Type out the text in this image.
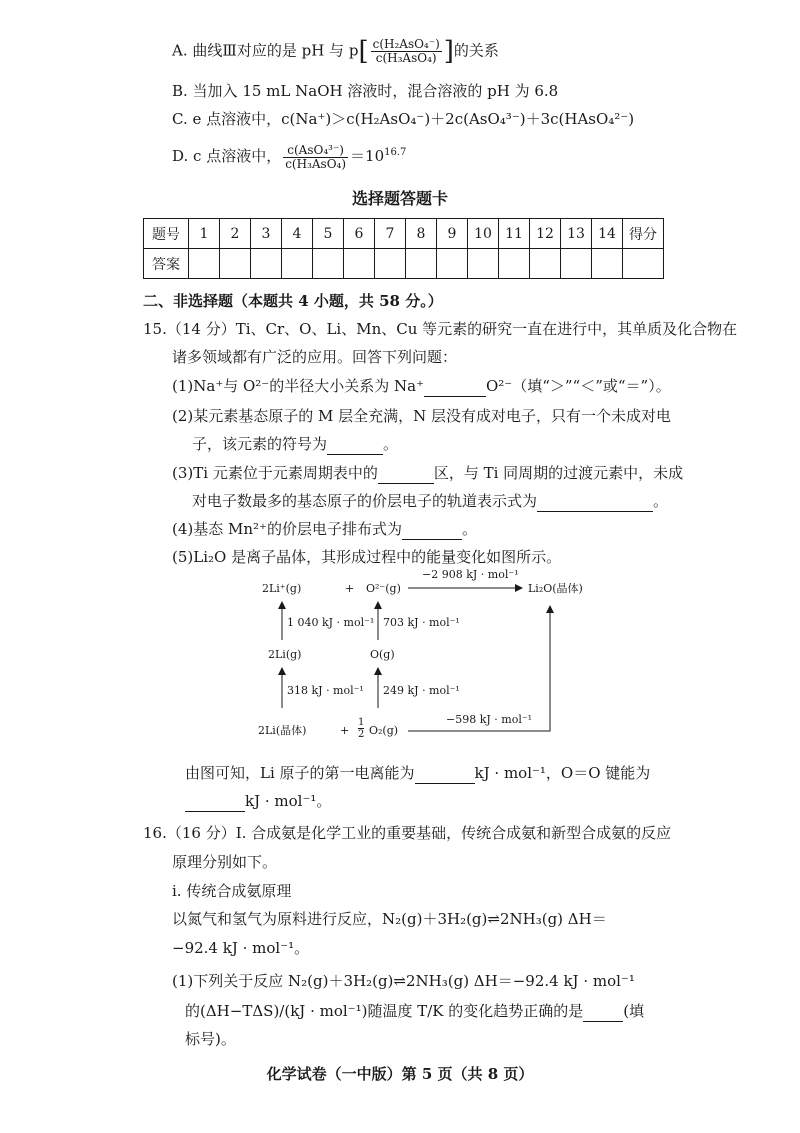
A. 曲线Ⅲ对应的是 pH 与 $p[ \frac{\text{c(H₂AsO₄⁻)}}{\text{c(H₃AsO₄)}}$ ]的关系
B. 当加入 15 mL NaOH 溶液时，混合溶液的 pH 为 6.8
C. e 点溶液中，c(Na⁺)＞c(H₂AsO₄⁻)＋2c(AsO₄³⁻)＋3c(HAsO₄²⁻)
D. c 点溶液中， $\frac{\text{c(AsO₄³⁻)}}{\text{c(H₃AsO₄)}} =10^{16.7}$
选择题答题卡
题号	1	2	3	4	5	6	7	8	9	10	11	12	13	14	得分
答案															
二、非选择题（本题共 4 小题，共 58 分。）
15.（14 分）Ti、Cr、O、Li、Mn、Cu 等元素的研究一直在进行中，其单质及化合物在
诸多领域都有广泛的应用。回答下列问题：
(1)Na⁺与 O²⁻的半径大小关系为 Na⁺	O²⁻（填“＞”“＜”或“＝”）。
(2)某元素基态原子的 M 层全充满，N 层没有成对电子，只有一个未成对电
子，该元素的符号为	。
(3)Ti 元素位于元素周期表中的	区，与 Ti 同周期的过渡元素中，未成
对电子数最多的基态原子的价层电子的轨道表示式为	。
(4)基态 Mn²⁺的价层电子排布式为	。
(5)Li₂O 是离子晶体，其形成过程中的能量变化如图所示。
2Li⁺(g)	+ O²⁻(g)
−2 908 kJ · mol⁻¹
Li₂O(晶体)
1 040 kJ · mol⁻¹ 703 kJ · mol⁻¹
2Li(g)	O(g)
318 kJ · mol⁻¹ 249 kJ · mol⁻¹
2Li(晶体)	+
1
2 O₂(g)
−598 kJ · mol⁻¹
由图可知，Li 原子的第一电离能为	kJ · mol⁻¹，O＝O 键能为
kJ · mol⁻¹。
16.（16 分）Ⅰ. 合成氨是化学工业的重要基础，传统合成氨和新型合成氨的反应
原理分别如下。
ⅰ. 传统合成氨原理
以氮气和氢气为原料进行反应，N₂(g)＋3H₂(g)⇌2NH₃(g) ΔH＝
−92.4 kJ · mol⁻¹。
(1)下列关于反应 N₂(g)＋3H₂(g)⇌2NH₃(g) ΔH＝−92.4 kJ · mol⁻¹
的(ΔH−TΔS)/(kJ · mol⁻¹)随温度 T/K 的变化趋势正确的是	(填
标号)。
化学试卷（一中版）第 5 页（共 8 页）
